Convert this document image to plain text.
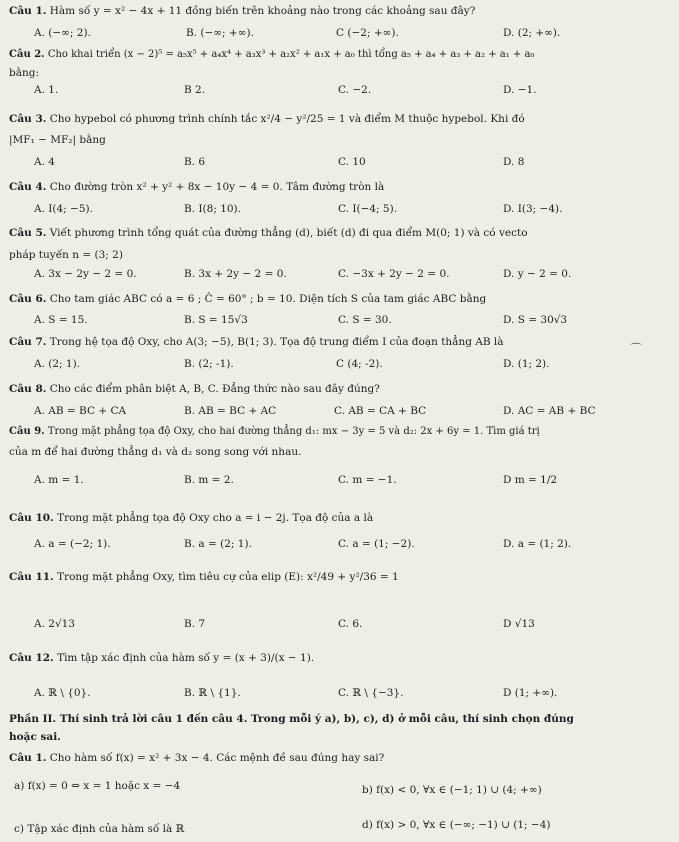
Câu 1. Hàm số y = x² − 4x + 11 đồng biến trên khoảng nào trong các khoảng sau đây?
A. (−∞; 2).	B. (−∞; +∞).	C (−2; +∞).	D. (2; +∞).
Câu 2. Cho khai triển (x − 2)⁵ = a₅x⁵ + a₄x⁴ + a₃x³ + a₂x² + a₁x + a₀ thì tổng a₅ + a₄ + a₃ + a₂ + a₁ + a₀
bằng:
A. 1.	B 2.	C. −2.	D. −1.
Câu 3. Cho hypebol có phương trình chính tắc x²/4 − y²/25 = 1 và điểm M thuộc hypebol. Khi đó
|MF₁ − MF₂| bằng
A. 4	B. 6	C. 10	D. 8
Câu 4. Cho đường tròn x² + y² + 8x − 10y − 4 = 0. Tâm đường tròn là
A. I(4; −5).	B. I(8; 10).	C. I(−4; 5).	D. I(3; −4).
Câu 5. Viết phương trình tổng quát của đường thẳng (d), biết (d) đi qua điểm M(0; 1) và có vecto
pháp tuyến n = (3; 2)
A. 3x − 2y − 2 = 0.	B. 3x + 2y − 2 = 0.	C. −3x + 2y − 2 = 0.	D. y − 2 = 0.
Câu 6. Cho tam giác ABC có a = 6 ; Ĉ = 60° ; b = 10. Diện tích S của tam giác ABC bằng
A. S = 15.	B. S = 15√3	C. S = 30.	D. S = 30√3
Câu 7. Trong hệ tọa độ Oxy, cho A(3; −5), B(1; 3). Tọa độ trung điểm I của đoạn thẳng AB là
A. (2; 1).	B. (2; -1).	C (4; -2).	D. (1; 2).
⌒
Câu 8. Cho các điểm phân biệt A, B, C. Đẳng thức nào sau đây đúng?
A. AB = BC + CA	B. AB = BC + AC	C. AB = CA + BC	D. AC = AB + BC
Câu 9. Trong mặt phẳng tọa độ Oxy, cho hai đường thẳng d₁: mx − 3y = 5 và d₂: 2x + 6y = 1. Tìm giá trị
của m để hai đường thẳng d₁ và d₂ song song với nhau.
A. m = 1.	B. m = 2.	C. m = −1.	D m = 1/2
Câu 10. Trong mặt phẳng tọa độ Oxy cho a = i − 2j. Tọa độ của a là
A. a = (−2; 1).	B. a = (2; 1).	C. a = (1; −2).	D. a = (1; 2).
Câu 11. Trong mặt phẳng Oxy, tìm tiêu cự của elip (E): x²/49 + y²/36 = 1
A. 2√13	B. 7	C. 6.	D √13
Câu 12. Tìm tập xác định của hàm số y = (x + 3)/(x − 1).
A. ℝ \ {0}.	B. ℝ \ {1}.	C. ℝ \ {−3}.	D (1; +∞).
Phần II. Thí sinh trả lời câu 1 đến câu 4. Trong mỗi ý a), b), c), d) ở mỗi câu, thí sinh chọn đúng
hoặc sai.
Câu 1. Cho hàm số f(x) = x² + 3x − 4. Các mệnh đề sau đúng hay sai?
a) f(x) = 0 ⇔ x = 1 hoặc x = −4	b) f(x) < 0, ∀x ∈ (−1; 1) ∪ (4; +∞)
c) Tập xác định của hàm số là ℝ	d) f(x) > 0, ∀x ∈ (−∞; −1) ∪ (1; −4)
